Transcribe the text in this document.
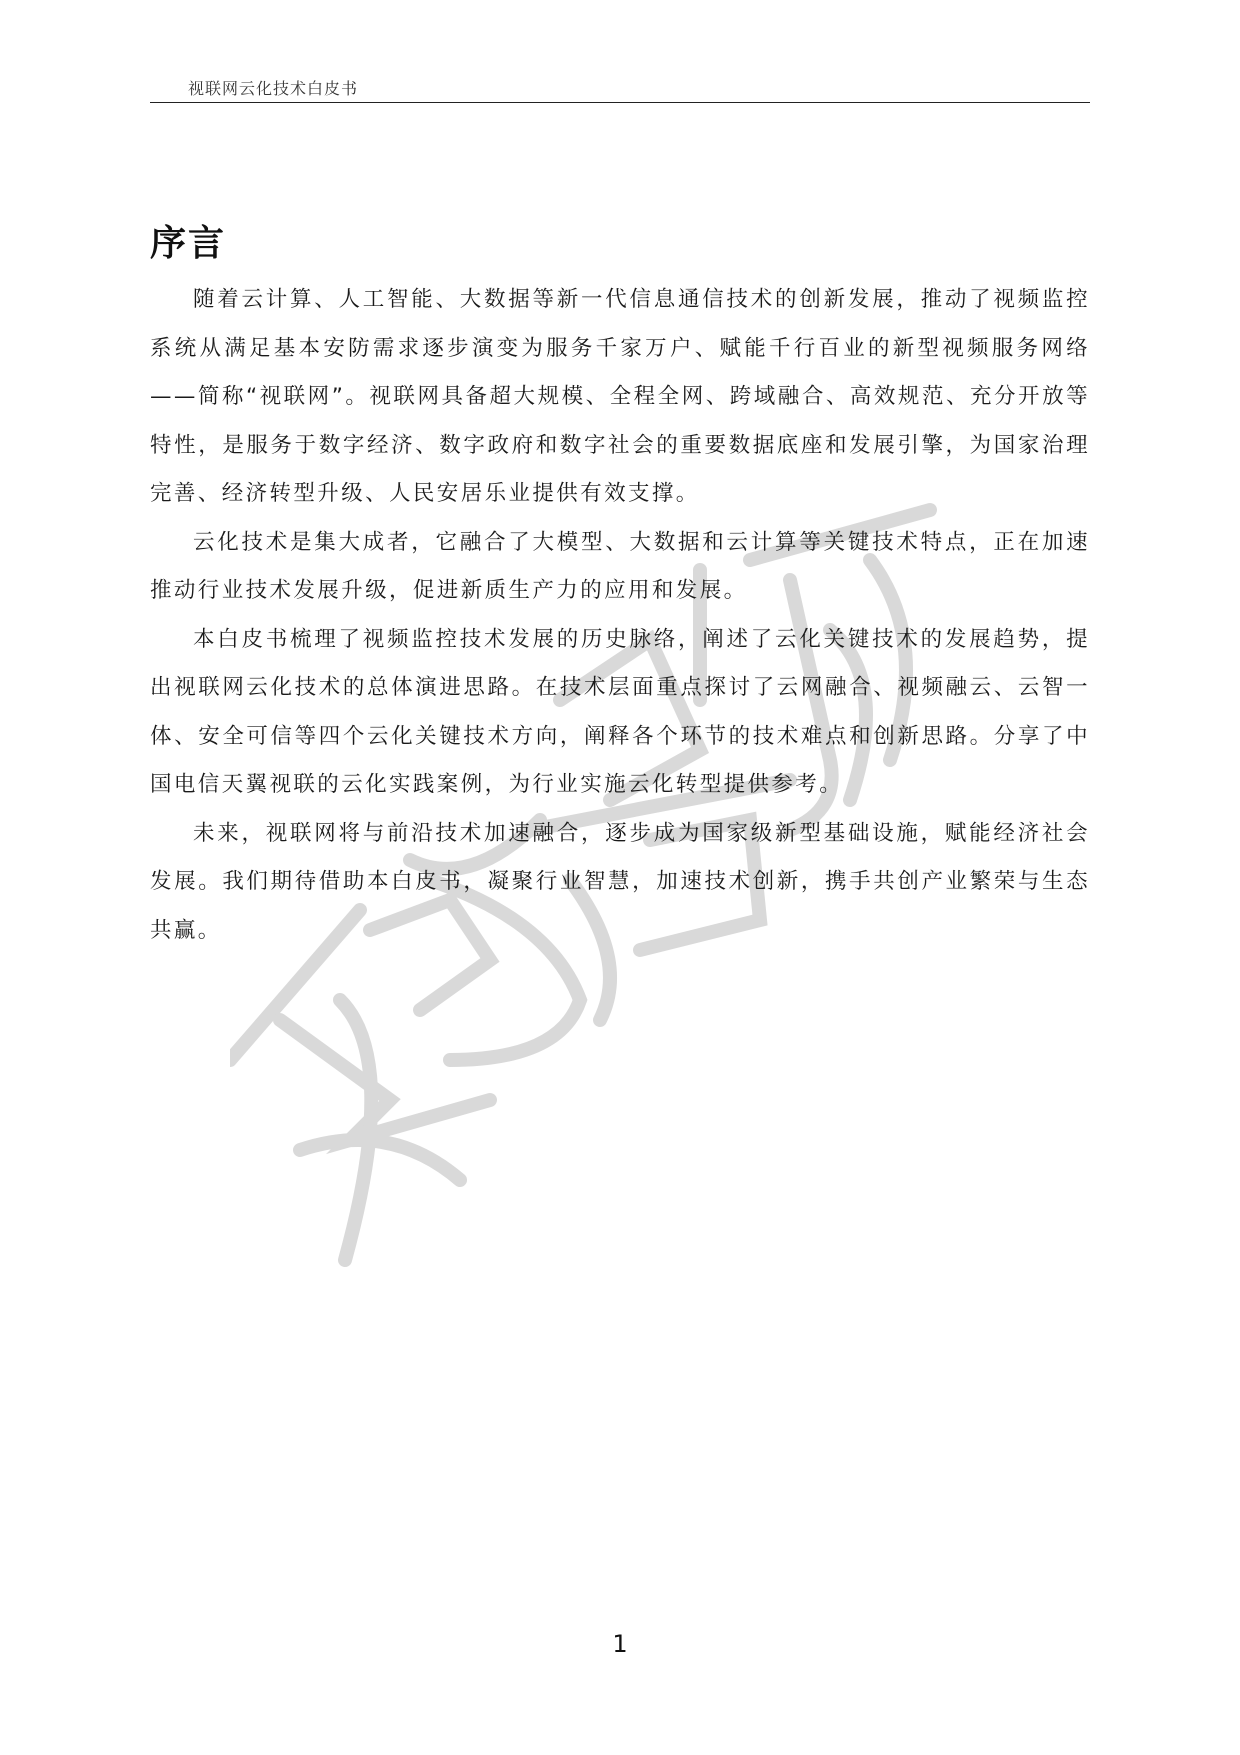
视联网云化技术白皮书
序言

随着云计算、人工智能、大数据等新一代信息通信技术的创新发展，推动了视频监控系统从满足基本安防需求逐步演变为服务千家万户、赋能千行百业的新型视频服务网络——简称“视联网”。视联网具备超大规模、全程全网、跨域融合、高效规范、充分开放等特性，是服务于数字经济、数字政府和数字社会的重要数据底座和发展引擎，为国家治理完善、经济转型升级、人民安居乐业提供有效支撑。

云化技术是集大成者，它融合了大模型、大数据和云计算等关键技术特点，正在加速推动行业技术发展升级，促进新质生产力的应用和发展。

本白皮书梳理了视频监控技术发展的历史脉络，阐述了云化关键技术的发展趋势，提出视联网云化技术的总体演进思路。在技术层面重点探讨了云网融合、视频融云、云智一体、安全可信等四个云化关键技术方向，阐释各个环节的技术难点和创新思路。分享了中国电信天翼视联的云化实践案例，为行业实施云化转型提供参考。

未来，视联网将与前沿技术加速融合，逐步成为国家级新型基础设施，赋能经济社会发展。我们期待借助本白皮书，凝聚行业智慧，加速技术创新，携手共创产业繁荣与生态共赢。

1
